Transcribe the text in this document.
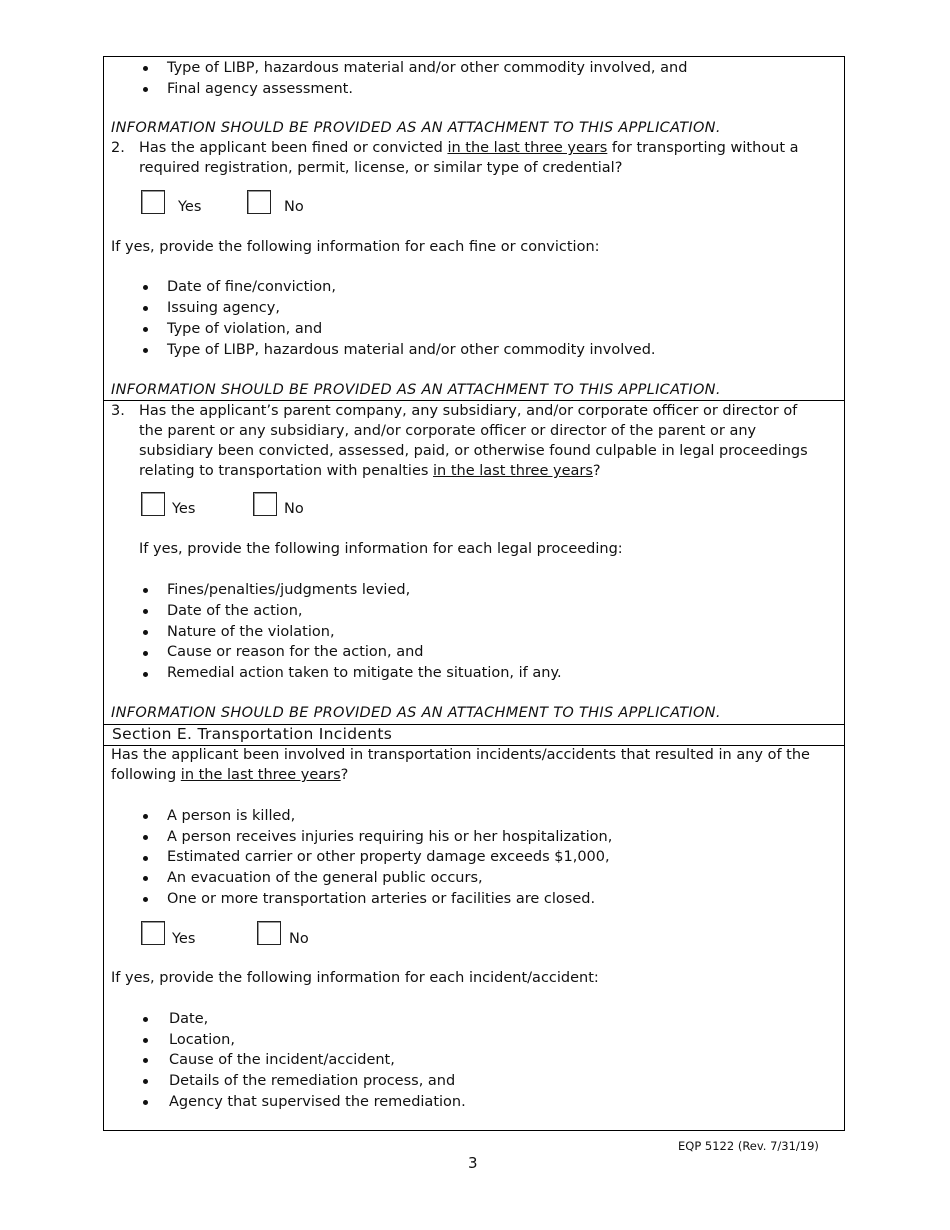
Type of LIBP, hazardous material and/or other commodity involved, and
Final agency assessment.
INFORMATION SHOULD BE PROVIDED AS AN ATTACHMENT TO THIS APPLICATION.
2. Has the applicant been fined or convicted in the last three years for transporting without a
required registration, permit, license, or similar type of credential?
Yes	No
If yes, provide the following information for each fine or conviction:
Date of fine/conviction,
Issuing agency,
Type of violation, and
Type of LIBP, hazardous material and/or other commodity involved.
INFORMATION SHOULD BE PROVIDED AS AN ATTACHMENT TO THIS APPLICATION.
3. Has the applicant’s parent company, any subsidiary, and/or corporate officer or director of
the parent or any subsidiary, and/or corporate officer or director of the parent or any
subsidiary been convicted, assessed, paid, or otherwise found culpable in legal proceedings
relating to transportation with penalties in the last three years?
Yes	No
If yes, provide the following information for each legal proceeding:
Fines/penalties/judgments levied,
Date of the action,
Nature of the violation,
Cause or reason for the action, and
Remedial action taken to mitigate the situation, if any.
INFORMATION SHOULD BE PROVIDED AS AN ATTACHMENT TO THIS APPLICATION.
Section E. Transportation Incidents
Has the applicant been involved in transportation incidents/accidents that resulted in any of the
following in the last three years?
A person is killed,
A person receives injuries requiring his or her hospitalization,
Estimated carrier or other property damage exceeds $1,000,
An evacuation of the general public occurs,
One or more transportation arteries or facilities are closed.
Yes	No
If yes, provide the following information for each incident/accident:
Date,
Location,
Cause of the incident/accident,
Details of the remediation process, and
Agency that supervised the remediation.
EQP 5122 (Rev. 7/31/19)
3
